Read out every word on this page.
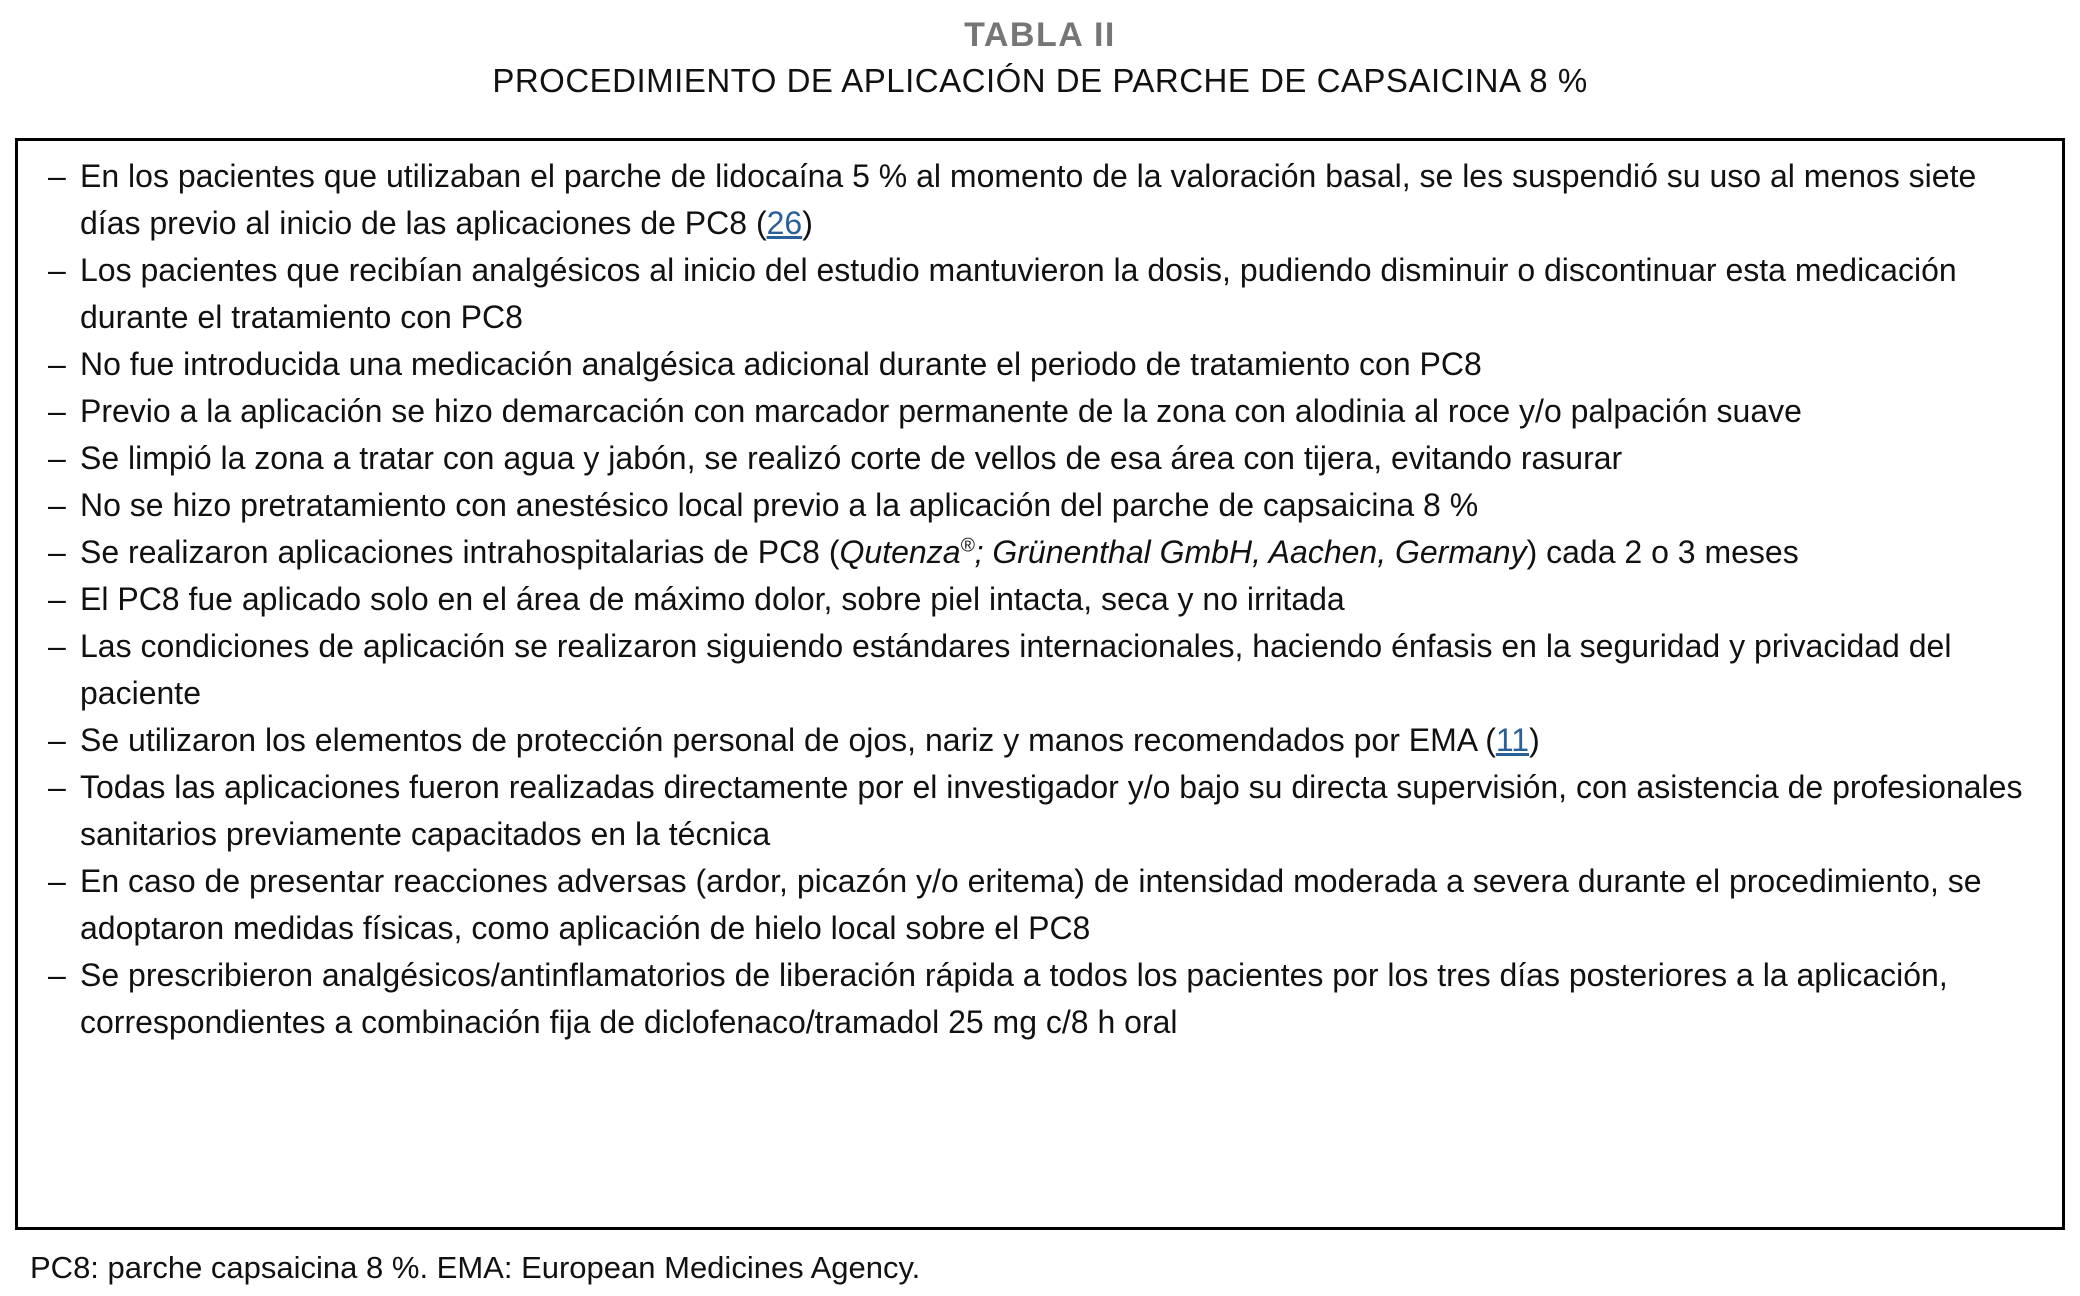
TABLA II
PROCEDIMIENTO DE APLICACIÓN DE PARCHE DE CAPSAICINA 8 %
– En los pacientes que utilizaban el parche de lidocaína 5 % al momento de la valoración basal, se les suspendió su uso al menos siete días previo al inicio de las aplicaciones de PC8 (26)
– Los pacientes que recibían analgésicos al inicio del estudio mantuvieron la dosis, pudiendo disminuir o discontinuar esta medicación durante el tratamiento con PC8
– No fue introducida una medicación analgésica adicional durante el periodo de tratamiento con PC8
– Previo a la aplicación se hizo demarcación con marcador permanente de la zona con alodinia al roce y/o palpación suave
– Se limpió la zona a tratar con agua y jabón, se realizó corte de vellos de esa área con tijera, evitando rasurar
– No se hizo pretratamiento con anestésico local previo a la aplicación del parche de capsaicina 8 %
– Se realizaron aplicaciones intrahospitalarias de PC8 (Qutenza®; Grünenthal GmbH, Aachen, Germany) cada 2 o 3 meses
– El PC8 fue aplicado solo en el área de máximo dolor, sobre piel intacta, seca y no irritada
– Las condiciones de aplicación se realizaron siguiendo estándares internacionales, haciendo énfasis en la seguridad y privacidad del paciente
– Se utilizaron los elementos de protección personal de ojos, nariz y manos recomendados por EMA (11)
– Todas las aplicaciones fueron realizadas directamente por el investigador y/o bajo su directa supervisión, con asistencia de profesionales sanitarios previamente capacitados en la técnica
– En caso de presentar reacciones adversas (ardor, picazón y/o eritema) de intensidad moderada a severa durante el procedimiento, se adoptaron medidas físicas, como aplicación de hielo local sobre el PC8
– Se prescribieron analgésicos/antinflamatorios de liberación rápida a todos los pacientes por los tres días posteriores a la aplicación, correspondientes a combinación fija de diclofenaco/tramadol 25 mg c/8 h oral
PC8: parche capsaicina 8 %. EMA: European Medicines Agency.
